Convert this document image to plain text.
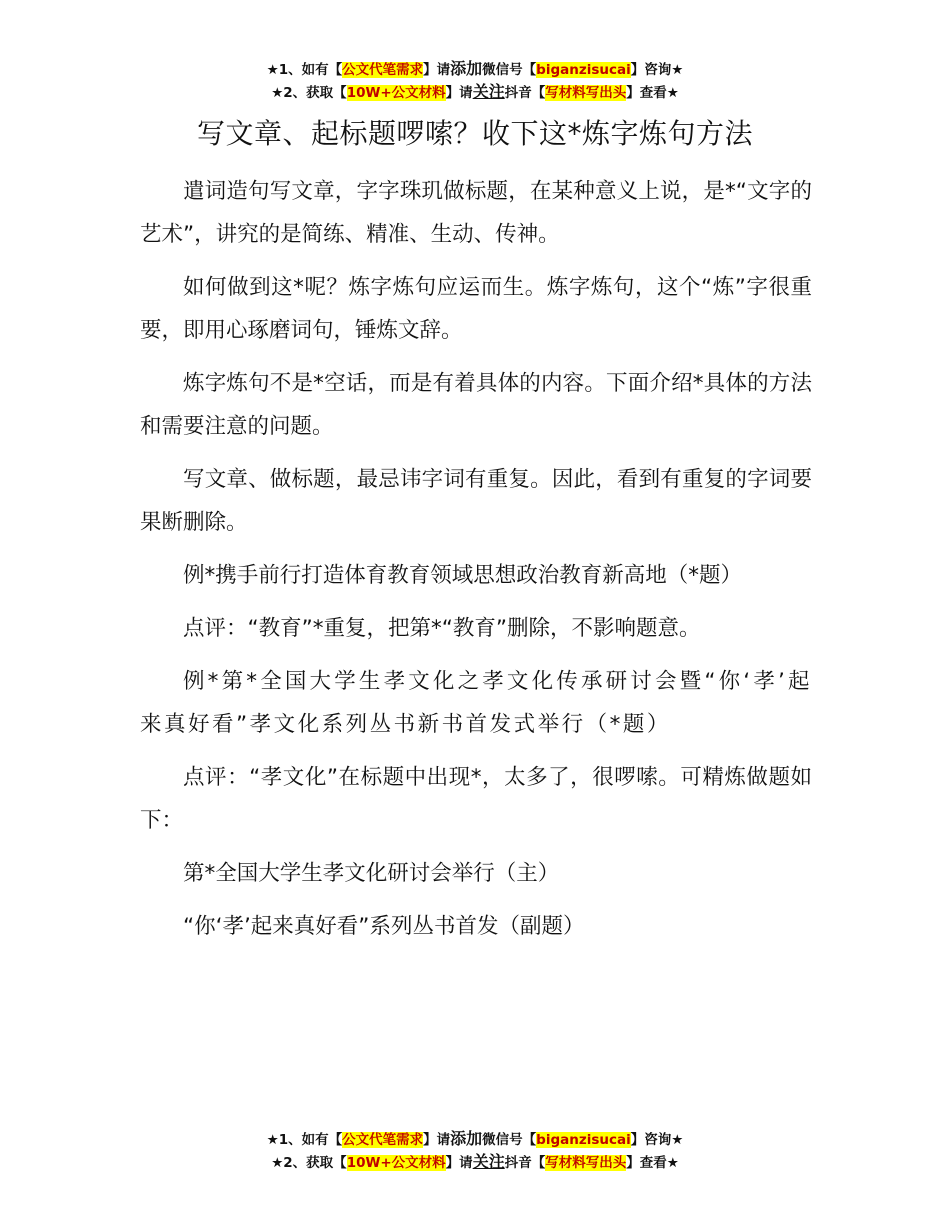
★1、如有【公文代笔需求】请添加微信号【biganzisucai】咨询★
★2、获取【10W+公文材料】请关注抖音【写材料写出头】查看★
写文章、起标题啰嗦？收下这*炼字炼句方法

遣词造句写文章，字字珠玑做标题，在某种意义上说，是*“文字的艺术”，讲究的是简练、精准、生动、传神。

如何做到这*呢？炼字炼句应运而生。炼字炼句，这个“炼”字很重要，即用心琢磨词句，锤炼文辞。

炼字炼句不是*空话，而是有着具体的内容。下面介绍*具体的方法和需要注意的问题。

写文章、做标题，最忌讳字词有重复。因此，看到有重复的字词要果断删除。

例*携手前行打造体育教育领域思想政治教育新高地（*题）

点评：“教育”*重复，把第*“教育”删除，不影响题意。

例*第*全国大学生孝文化之孝文化传承研讨会暨“你‘孝’起来真好看”孝文化系列丛书新书首发式举行（*题）

点评：“孝文化”在标题中出现*，太多了，很啰嗦。可精炼做题如下：

第*全国大学生孝文化研讨会举行（主）

“你‘孝’起来真好看”系列丛书首发（副题）

★1、如有【公文代笔需求】请添加微信号【biganzisucai】咨询★
★2、获取【10W+公文材料】请关注抖音【写材料写出头】查看★
